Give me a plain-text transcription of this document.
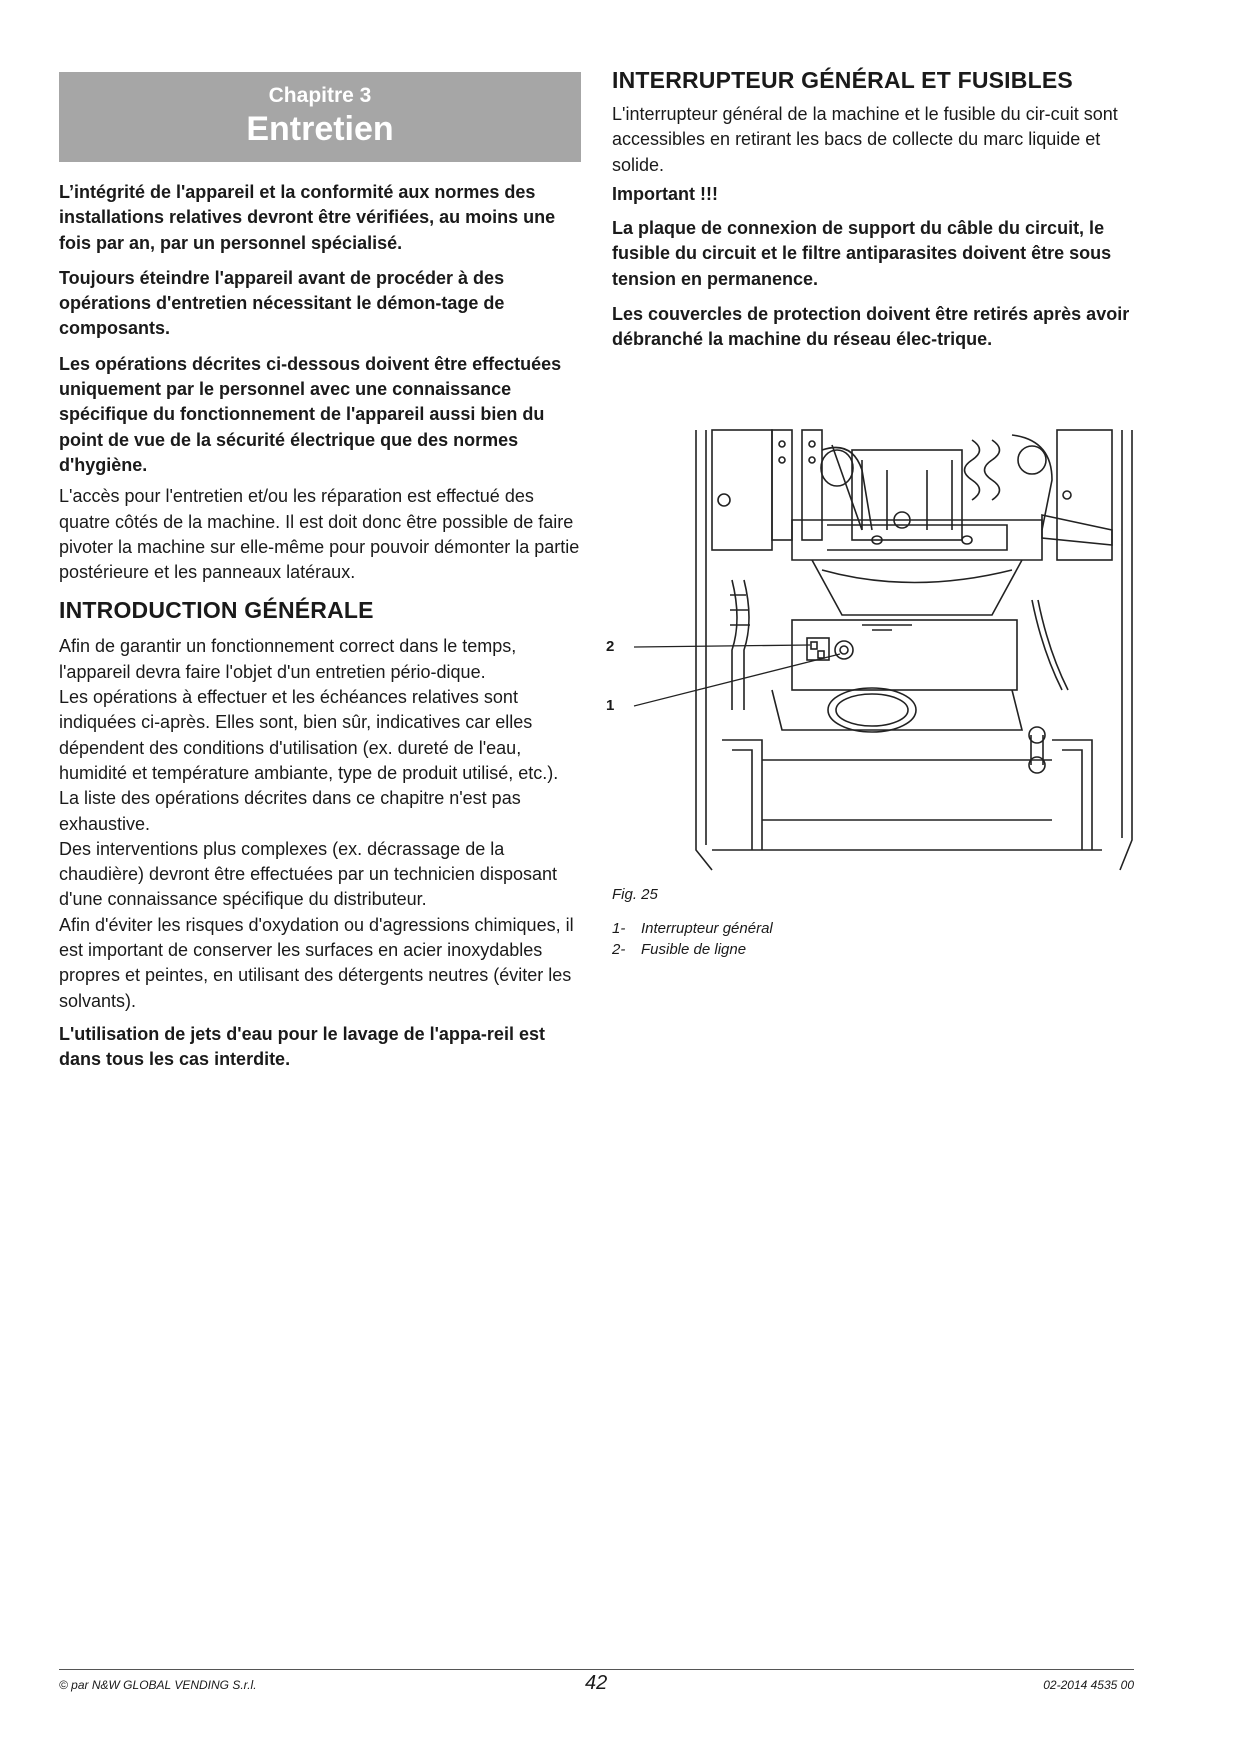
Chapitre 3
Entretien

L’intégrité de l'appareil et la conformité aux normes des installations relatives devront être vérifiées, au moins une fois par an, par un personnel spécialisé.

Toujours éteindre l'appareil avant de procéder à des opérations d'entretien nécessitant le démon-tage de composants.

Les opérations décrites ci-dessous doivent être effectuées uniquement par le personnel avec une connaissance spécifique du fonctionnement de l'appareil aussi bien du point de vue de la sécurité électrique que des normes d'hygiène.

L'accès pour l'entretien et/ou les réparation est effectué des quatre côtés de la machine. Il est doit donc être possible de faire pivoter la machine sur elle-même pour pouvoir démonter la partie postérieure et les panneaux latéraux.

INTRODUCTION GÉNÉRALE

Afin de garantir un fonctionnement correct dans le temps, l'appareil devra faire l'objet d'un entretien pério-dique.

Les opérations à effectuer et les échéances relatives sont indiquées ci-après. Elles sont, bien sûr, indicatives car elles dépendent des conditions d'utilisation (ex. dureté de l'eau, humidité et température ambiante, type de produit utilisé, etc.).

La liste des opérations décrites dans ce chapitre n'est pas exhaustive.

Des interventions plus complexes (ex. décrassage de la chaudière) devront être effectuées par un technicien disposant d'une connaissance spécifique du distributeur.

Afin d'éviter les risques d'oxydation ou d'agressions chimiques, il est important de conserver les surfaces en acier inoxydables propres et peintes, en utilisant des détergents neutres (éviter les solvants).

L'utilisation de jets d'eau pour le lavage de l'appa-reil est dans tous les cas interdite.

INTERRUPTEUR GÉNÉRAL ET FUSIBLES

L'interrupteur général de la machine et le fusible du cir-cuit sont accessibles en retirant les bacs de collecte du marc liquide et solide.

Important !!!

La plaque de connexion de support du câble du circuit, le fusible du circuit et le filtre antiparasites doivent être sous tension en permanence.

Les couvercles de protection doivent être retirés après avoir débranché la machine du réseau élec-trique.

2
1
Fig. 25
1- Interrupteur général
2- Fusible de ligne
© par N&W GLOBAL VENDING S.r.l.	42	02-2014 4535 00
